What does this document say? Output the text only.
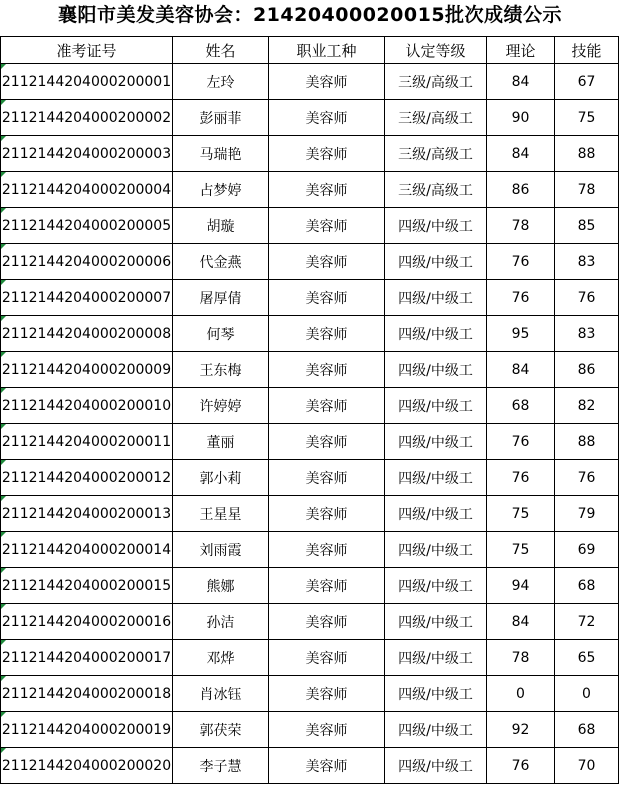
襄阳市美发美容协会：21420400020015批次成绩公示
准考证号	姓名	职业工种	认定等级	理论	技能
2112144204000200001	左玲	美容师	三级/高级工	84	67
2112144204000200002	彭丽菲	美容师	三级/高级工	90	75
2112144204000200003	马瑞艳	美容师	三级/高级工	84	88
2112144204000200004	占梦婷	美容师	三级/高级工	86	78
2112144204000200005	胡璇	美容师	四级/中级工	78	85
2112144204000200006	代金燕	美容师	四级/中级工	76	83
2112144204000200007	屠厚倩	美容师	四级/中级工	76	76
2112144204000200008	何琴	美容师	四级/中级工	95	83
2112144204000200009	王东梅	美容师	四级/中级工	84	86
2112144204000200010	许婷婷	美容师	四级/中级工	68	82
2112144204000200011	董丽	美容师	四级/中级工	76	88
2112144204000200012	郭小莉	美容师	四级/中级工	76	76
2112144204000200013	王星星	美容师	四级/中级工	75	79
2112144204000200014	刘雨霞	美容师	四级/中级工	75	69
2112144204000200015	熊娜	美容师	四级/中级工	94	68
2112144204000200016	孙洁	美容师	四级/中级工	84	72
2112144204000200017	邓烨	美容师	四级/中级工	78	65
2112144204000200018	肖冰钰	美容师	四级/中级工	0	0
2112144204000200019	郭茯荣	美容师	四级/中级工	92	68
2112144204000200020	李子慧	美容师	四级/中级工	76	70
